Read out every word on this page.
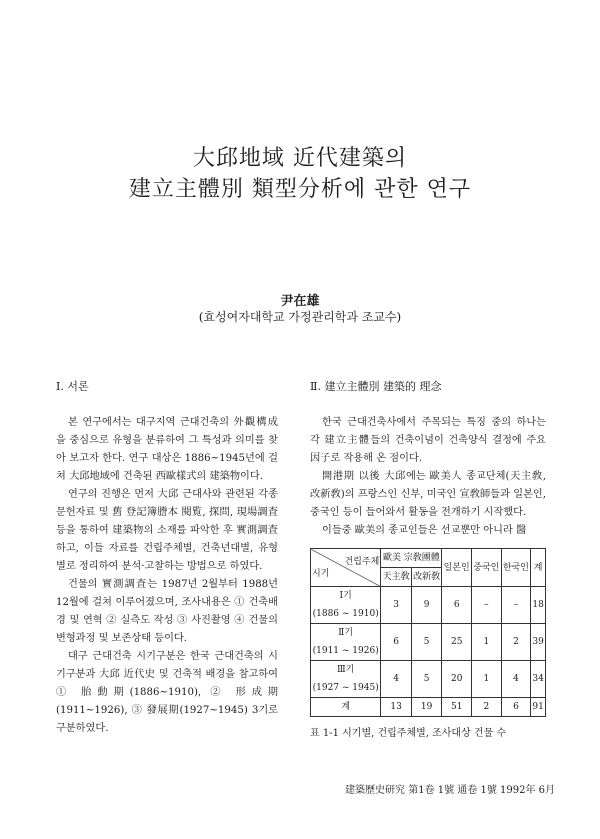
大邱地域 近代建築의
建立主體別 類型分析에 관한 연구
尹在雄
(효성여자대학교 가정관리학과 조교수)
I. 서론

본 연구에서는 대구지역 근대건축의 外觀構成을 중심으로 유형을 분류하여 그 특성과 의미를 찾아 보고자 한다. 연구 대상은 1886~1945년에 걸쳐 大邱地域에 건축된 西歐樣式의 建築物이다.

연구의 진행은 먼저 大邱 근대사와 관련된 각종 문헌자료 및 舊 登記簿謄本 閱覧, 探問, 現場調査 등을 통하여 建築物의 소재를 파악한 후 實測調査 하고, 이들 자료를 건립주체별, 건축년대별, 유형별로 정리하여 분석·고찰하는 방법으로 하였다.

건물의 實測調査는 1987년 2월부터 1988년 12월에 걸쳐 이루어졌으며, 조사내용은 ① 건축배경 및 연혁 ② 실측도 작성 ③ 사진촬영 ④ 건물의 변형과정 및 보존상태 등이다.

대구 근대건축 시기구분은 한국 근대건축의 시기구분과 大邱 近代史 및 건축적 배경을 참고하여 ① 胎動期(1886~1910), ② 形成期(1911~1926), ③ 發展期(1927~1945) 3기로 구분하였다.

Ⅱ. 建立主體別 建築的 理念

한국 근대건축사에서 주목되는 특징 중의 하나는 각 建立主體들의 건축이념이 건축양식 결정에 주요 因子로 작용해 온 점이다.

開港期 以後 大邱에는 歐美人 종교단체(天主敎, 改新敎)의 프랑스인 신부, 미국인 宣敎師들과 일본인, 중국인 등이 들어와서 활동을 전개하기 시작했다.

이들중 歐美의 종교인들은 선교뿐만 아니라 醫

건립주체
시기	歐美 宗敎團體		일본인	중국인	한국인	계
	天主敎	改新敎				

Ⅰ기
(1886 ~ 1910)	3	9	6	–	–	18

Ⅱ기
(1911 ~ 1926)	6	5	25	1	2	39

Ⅲ기
(1927 ~ 1945)	4	5	20	1	4	34
계	13	19	51	2	6	91
표 1-1 시기별, 건립주체별, 조사대상 건물 수
建築歷史研究 第1卷 1號 通卷 1號 1992年 6月
